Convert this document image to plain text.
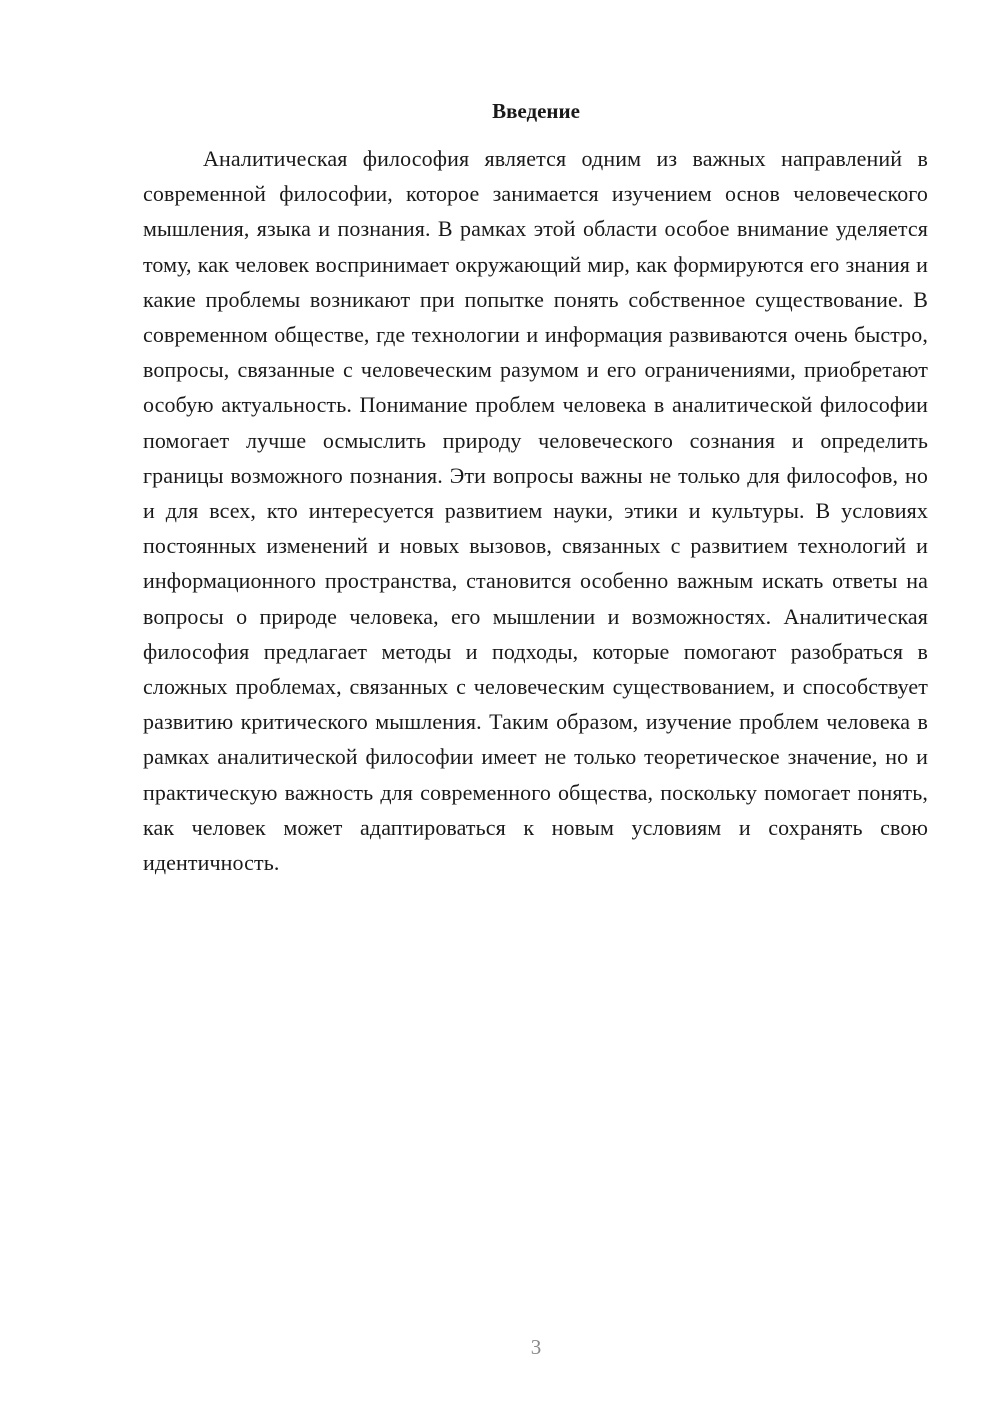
Введение

Аналитическая философия является одним из важных направлений в современной философии, которое занимается изучением основ человеческого мышления, языка и познания. В рамках этой области особое внимание уделяется тому, как человек воспринимает окружающий мир, как формируются его знания и какие проблемы возникают при попытке понять собственное существование. В современном обществе, где технологии и информация развиваются очень быстро, вопросы, связанные с человеческим разумом и его ограничениями, приобретают особую актуальность. Понимание проблем человека в аналитической философии помогает лучше осмыслить природу человеческого сознания и определить границы возможного познания. Эти вопросы важны не только для философов, но и для всех, кто интересуется развитием науки, этики и культуры. В условиях постоянных изменений и новых вызовов, связанных с развитием технологий и информационного пространства, становится особенно важным искать ответы на вопросы о природе человека, его мышлении и возможностях. Аналитическая философия предлагает методы и подходы, которые помогают разобраться в сложных проблемах, связанных с человеческим существованием, и способствует развитию критического мышления. Таким образом, изучение проблем человека в рамках аналитической философии имеет не только теоретическое значение, но и практическую важность для современного общества, поскольку помогает понять, как человек может адаптироваться к новым условиям и сохранять свою идентичность.

3
